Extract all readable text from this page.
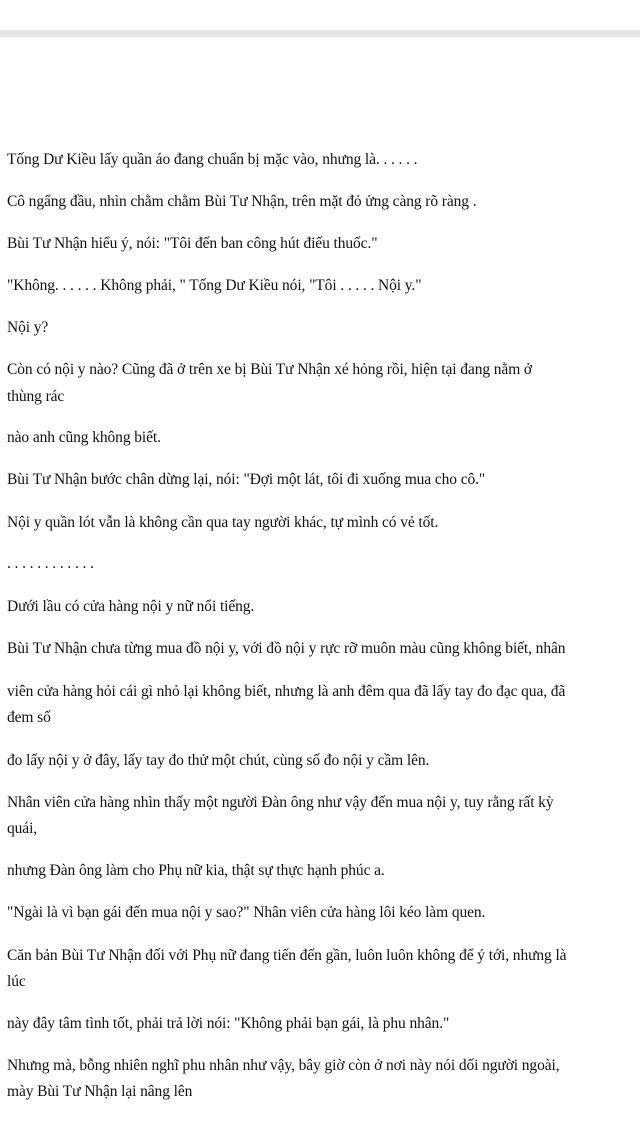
Tống Dư Kiều lấy quần áo đang chuẩn bị mặc vào, nhưng là. . . . . .
Cô ngẩng đầu, nhìn chằm chằm Bùi Tư Nhận, trên mặt đỏ ửng càng rõ ràng .
Bùi Tư Nhận hiểu ý, nói: "Tôi đến ban công hút điếu thuốc."
"Không. . . . . . Không phải, " Tống Dư Kiều nói, "Tôi . . . . . Nội y."
Nội y?
Còn có nội y nào? Cũng đã ở trên xe bị Bùi Tư Nhận xé hỏng rồi, hiện tại đang nằm ở
thùng rác
nào anh cũng không biết.
Bùi Tư Nhận bước chân dừng lại, nói: "Đợi một lát, tôi đi xuống mua cho cô."
Nội y quần lót vẫn là không cần qua tay người khác, tự mình có vẻ tốt.
. . . . . . . . . . . .
Dưới lầu có cửa hàng nội y nữ nổi tiếng.
Bùi Tư Nhận chưa từng mua đồ nội y, với đồ nội y rực rỡ muôn màu cũng không biết, nhân
viên cửa hàng hỏi cái gì nhỏ lại không biết, nhưng là anh đêm qua đã lấy tay đo đạc qua, đã
đem số
đo lấy nội y ở đây, lấy tay đo thử một chút, cùng số đo nội y cầm lên.
Nhân viên cửa hàng nhìn thấy một người Đàn ông như vậy đến mua nội y, tuy rằng rất kỳ
quái,
nhưng Đàn ông làm cho Phụ nữ kia, thật sự thực hạnh phúc a.
"Ngài là vì bạn gái đến mua nội y sao?" Nhân viên cửa hàng lôi kéo làm quen.
Căn bản Bùi Tư Nhận đối với Phụ nữ đang tiến đến gần, luôn luôn không để ý tới, nhưng là
lúc
này đây tâm tình tốt, phải trả lời nói: "Không phải bạn gái, là phu nhân."
Nhưng mà, bỗng nhiên nghĩ phu nhân như vậy, bây giờ còn ở nơi này nói dối người ngoài,
mày Bùi Tư Nhận lại nâng lên
